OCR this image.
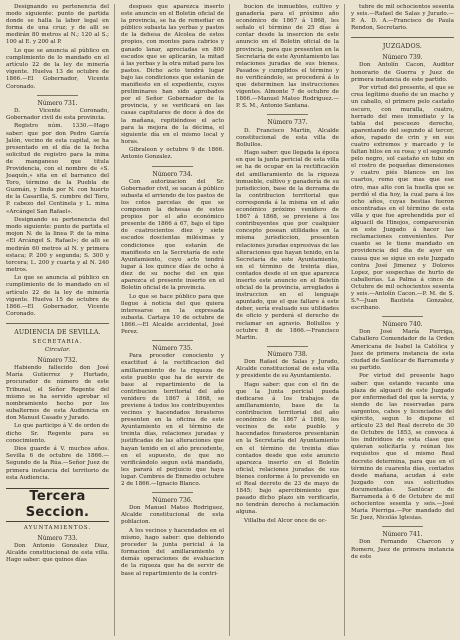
Designando su pertenencia del modo siguiente: punto de partida donde se halla la labor legal en forma de una cruz; y de alli se medirán 80 metros al N.; 120 al S.; 100 al E. y 200 al P.

Lo que se anuncia al público en cumplimiento de lo mandado en el artículo 22 de la ley de minería vigente. Huelva 13 de octubre de 1866.—El Gobernador, Vicente Coronado.

Número 731.

D. Vicente Coronado, Gobernador civil de esta provincia.

Registro núm. 1330.—Hago saber: que por don Pedro García Jalón, vecino de esta capital, se ha presentado en el día de la fecha solicitud de registro para la mina de manganeso que titula Providencia, con el nombre de «S. Joaquín,» sita en el barranco del Toro, término de la Puebla de Guzmán, y linda por N. con huerto de la Casarilla, S. cumbre del Toro, P. cabezo del Centinela y L. mina «Arcángel San Rafael».

Designando su pertenencia del modo siguiente: punto de partida el mojon N. de la linea P. de la mina «El Arcángel S. Rafael»; de alli se medirán 60 metros al N. y primera estaca; P. 200 y segunda; S. 300 y tercera; L. 200 y cuarta y al N. 240 metros.

Lo que se anuncia al público en cumplimiento de lo mandado en el artículo 22 de la ley de minería vigente. Huelva 15 de octubre de 1866.—El Gobernador, Vicente Coronado.

AUDIENCIA DE SEVILLA.
SECRETARIA.
Circular.
Número 732.

Habiendo fallecido don José María Gutierrez y Hurtado, procurador de número de este Tribunal, el Señor Regente del mismo se ha servido aprobar el nombramiento hecho por los subalternos de esta Audiencia en don Manuel Casado y Jurado.

Lo que participo á V. de orden de dicho Sr. Regente para su conocimiento.

Dios guarde á V. muchos años. Sevilla 6 de octubre de 1866.—Segundo de la Rúa.—Señor Juez de primera instancia del territorio de esta Audiencia.

Tercera Seccion.
AYUNTAMIENTOS.
Número 733.

Don Antonio Gonzalez Diaz, Alcalde constitucional de esta villa. Hago saber: que quinos días

despues que aparezca inserto este anuncio en el Boletin oficial de la provincia, se ha de remediar en público subasta las yerbas y pastos de la dehesa de Alcolea de estos propios, con montes para cabrios y ganado lanar, apreciadas en 800 escudos que se aplicarán, la mitad á las yerbas y la otra mitad para los pastos. Dicho acto tendrá lugar bajo las condiciones que estarán de manifiesto en el expediente, cuyos preliminares han sido aprobados por el Señor Gobernador de la provincia, y se verificará en las casas capitulares de doce á dos de la mañana, repitiéndose el acto para la mejora de la décima, el siguiente día en el mismo local y horas.

Gibraleon y octubre 9 de 1866. Antonio Gonzalez.

Número 734.

Con autorizacion del Sr. Gobernador civil, se sacan á público subasta el arriendo de los pastos de los cotos parcelas de que se componen la dehesas de estos propios por el año económico presente de 1866 á 67, bajo el tipo de cuatrocientos diez y siete escudos doscientas milésimas y condiciones que estarán de manifiesto en la Secretaría de este Ayuntamiento, cuyo acto tendrá lugar á los quince días de ocho á diez de su noche del en que aparezca el presente inserto en el Boletin oficial de la provincia.

Lo que se hace público para que llegue á noticia del que quiera interesarse en la expresada subasta. Cartaya 10 de octubre de 1866.—El Alcalde accidental, José Perez.

Número 735.

Para proceder conociento y exactitud á la rectificacion del amillaramiento de la riqueza de este pueblo que ha de servir de base al repartimiento de la contribucion territorial del año venidero de 1867 á 1868, se previene á todos los contribuyentes vecinos y hacendados forasteros presenten en la oficina de este Ayuntamiento en el término de treinta días, relaciones juradas y justificadas de las alteraciones que hayan tenido en el año precedente, en el supuesto, de que no verificándolo segun está mandado, les parará el perjuicio que haya lugar. Cumbres de Enmedio octubre 2 de 1866.—Ignacio Blanco.

Número 736.

Don Manuel Mateo Rodriguez, Alcalde constitucional de esta poblacion.

A los vecinos y hacendados en el mismo, hago saber: que debiendo proceder la junta pericial á la formacion del amillaramiento y demás operaciones de evaluacion de la riqueza que ha de servir de base al repartimiento de la contri-

bucion de inmuebles, cultivo y ganadería para el próximo año económico de 1867 á 1868, les señalo el término de 25 días á contar desde la insercion de este anuncio en el Boletin oficial de la provincia, para que presenten en la Secretaría de este Ayuntamiento las relaciones juradas de sus bienes. Pasados y cumplidos el término y no verificándolo, se procederá á lo que determinen las instrucciones vigentes. Almonte 7 de octubre de 1866.—Manuel Mateo Rodriguez.—P. S. M., Antonio Santana.

Número 737.

D. Francisco Martin, Alcalde constitucional de esta villa de Bollullos.

Hago saber: que llegada la época en que la junta pericial de esta villa se ha de ocupar en la rectificación del amillaramiento de la riqueza inmueble, cultivo y ganadería de su jurisdiccion, base de la derrama de la contribucion territorial que corresponda á la misma en el año económico próximo venidero de 1867 á 1868, se previene á los contribuyentes que por cualquier concepto posean utilidades en la misma jurisdiccion, presenten relaciones juradas expresivas de las alteraciones que hayan tenido, en la Secretaría de este Ayuntamiento, en el término de treinta días, contados desde el en que aparezca inserto este anuncio en el Boletín oficial de la provincia, arreglados á instruccion en el lenguaje apuntado, que el que faltare á este deber, sería evaluado sus utilidades de oficio y perderá el derecho de reclamar en agravio. Bollullos y octubre 8 de 1866.—Francisco Martin.

Número 738.

Don Rafael de Salas y Jurado, Alcalde constitucional de esta villa y presidente de su Ayuntamiento.

Hago saber: que con el fin de que la Junta pericial pueda dedicarse á los trabajos de amillaramiento, base de la contribucion territorial del año económico de 1867 á 1868, los vecinos de este pueblo y hacendados forasteros presentarán en la Secretaría del Ayuntamiento en el término de treinta días contados desde que este anuncio aparezca inserto en el Boletín oficial, relaciones juradas de sus bienes conforme á lo prevenido en el Real decreto de 23 de mayo de 1845; bajo apercibimiento que pasado dicho plazo sin verificarlo, no tendrán derecho á reclamación alguna.

Villalba del Alcor once de oc-

tubre de mil ochocientos sesenta y seis.—Rafael de Salas y Jurado.—P. A. D. A.—Francisco de Paula Rendon, Secretario.

JUZGADOS.
Número 739.

Don Antolín Cacon, Auditor honorario de Guerra y Juez de primera instancia de este partido.

Por virtud del presente, el que se crea legítimo dueño de un macho y un caballo, el primero pelo castaño oscuro, con muralla, cuatro, herrado del mes inmediato y la tabla del pescuezo derecho, aparentando del segundo al tercer, años, rapado de crin y en sus cuatro extremos y marcado y le faltan hilos en su rosa; y el segundo pelo negro, sol castaño en tubo en el rostro de pequeñas dimensiones y cuatro piés blancos en los cuartos, remo que mas que ese otro, mas alto con la huella que se perdió el dia hoy, la cual para á los ocho años, cuyas bestias fueron encontradas en el término de esta villa y que fue aprehendida por el alguacil de Hinojos, comparecerán en este Juzgado á hacer las reclamaciones convenientes. Por cuanto se le tiene mandado en providencia del dia de ayer en causa que se sigue en este Juzgado contra José Jimenez y Dolores Lopez, por sospechas de hurto de caballerías. La Palma á cinco de Octubre de mil ochocientos sesenta y seis.—Antolín Cacon.—P. M. de S. S.ª—Juan Bautista Gonzalez, escribano.

Número 740.

Don José María Pierriga, Caballero Comendador de la Orden Americana de Isabel la Católica y Juez de primera instancia de esta ciudad de Sanlúcar de Barrameda y su partido.

Por virtud del presente hago saber: que estando vacante una plaza de alguacil de este Juzgado por enfermedad del que la servia, y siendo de las reservadas para sargentos, cabos y licenciados del ejército, segun lo dispone el artículo 23 del Real decreto de 30 de Octubre de 1853, se convoca á los individuos de esta clase que quieran solicitarla y reúnan los requisitos que el mismo Real decreto determina, para que en el término de cuarenta días, contados desde mañana, acudan á este Juzgado con sus solicitudes documentadas. Sanlúcar de Barrameda á 6 de Octubre de mil ochocientos sesenta y seis.—José María Pierriga.—Por mandado del Sr. Juez, Nicolás Iglesias.

Número 741.

Don Fernando Charcon y Romero, Juez de primera instancia de este
